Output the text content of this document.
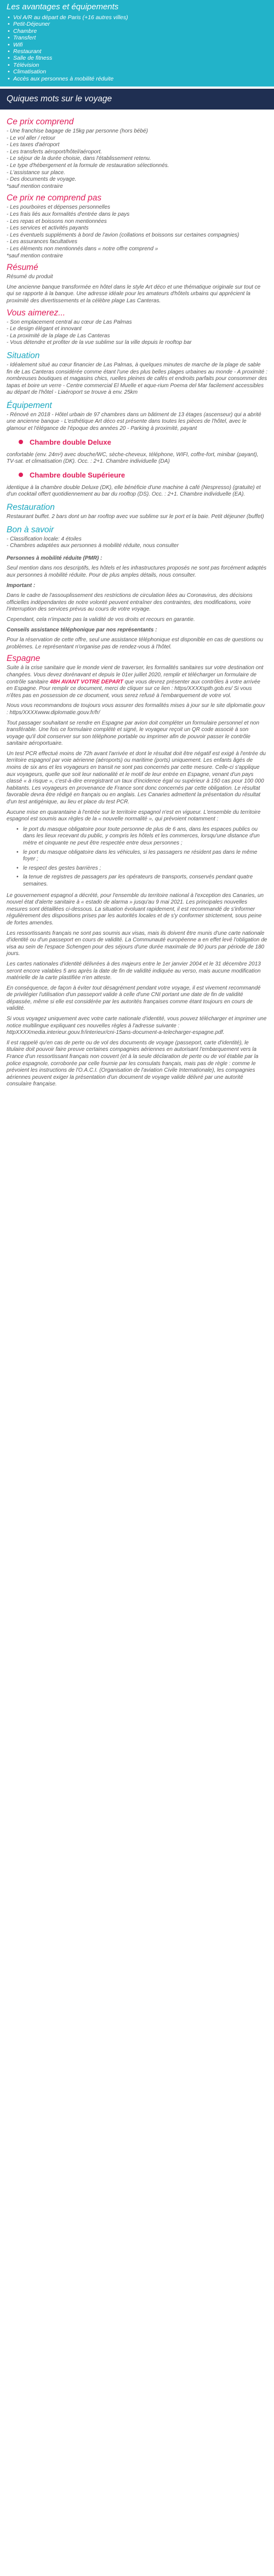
Les avantages et équipements
• Vol A/R au départ de Paris (+16 autres villes)
• Petit-Déjeuner
• Chambre
• Transfert
• Wifi
• Restaurant
• Salle de fitness
• Télévision
• Climatisation
• Accès aux personnes à mobilité réduite
Quiques mots sur le voyage
Ce prix comprend
- Une franchise bagage de 15kg par personne (hors bébé)
- Le vol aller / retour
- Les taxes d'aéroport
- Les transferts aéroport/hôtel/aéroport.
- Le séjour de la durée choisie, dans l'établissement retenu.
- Le type d'hébergement et la formule de restauration sélectionnés.
- L'assistance sur place.
- Des documents de voyage.
*sauf mention contraire
Ce prix ne comprend pas
- Les pourboires et dépenses personnelles
- Les frais liés aux formalités d'entrée dans le pays
- Les repas et boissons non mentionnées
- Les services et activités payants
- Les éventuels suppléments à bord de l'avion (collations et boissons sur certaines compagnies)
- Les assurances facultatives
- Les éléments non mentionnés dans « notre offre comprend »
*sauf mention contraire
Résumé
Résumé du produit
Une ancienne banque transformée en hôtel dans le style Art déco et une thématique originale sur tout ce qui se rapporte à la banque. Une adresse idéale pour les amateurs d'hôtels urbains qui apprécient la proximité des divertissements et la célèbre plage Las Canteras.
Vous aimerez...
- Son emplacement central au cœur de Las Palmas
- Le design élégant et innovant
- La proximité de la plage de Las Canteras
- Vous détendre et profiter de la vue sublime sur la ville depuis le rooftop bar
Situation
- Idéalement situé au cœur financier de Las Palmas, à quelques minutes de marche de la plage de sable fin de Las Canteras considérée comme étant l'une des plus belles plages urbaines au monde - A proximité : nombreuses boutiques et magasins chics, ruelles pleines de cafés et endroits parfaits pour consommer des tapas et boire un verre - Centre commercial El Muelle et aque-rium Poema del Mar facilement accessibles au départ de l'hôtel - Liaéroport se trouve à env. 25km
Équipement
- Rénové en 2018 - Hôtel urbain de 97 chambres dans un bâtiment de 13 étages (ascenseur) qui a abrité une ancienne banque - L'esthétique Art déco est présente dans toutes les pièces de l'hôtel, avec le glamour et l'élégance de l'époque des années 20 - Parking à proximité, payant
Chambre double Deluxe
confortable (env. 24m²) avec douche/WC, sèche-cheveux, téléphone, WIFI, coffre-fort, minibar (payant), TV-sat. et climatisation (DK). Occ. : 2+1. Chambre individuelle (DA)
Chambre double Supérieure
identique à la chambre double Deluxe (DK), elle bénéficie d'une machine à café (Nespresso) (gratuite) et d'un cocktail offert quotidiennement au bar du rooftop (DS). Occ. : 2+1. Chambre individuelle (EA).
Restauration
Restaurant buffet. 2 bars dont un bar rooftop avec vue sublime sur le port et la baie. Petit déjeuner (buffet)
Bon à savoir
- Classification locale: 4 étoiles
- Chambres adaptées aux personnes à mobilité réduite, nous consulter
Personnes à mobilité réduite (PMR) :
Seul mention dans nos descriptifs, les hôtels et les infrastructures proposés ne sont pas forcément adaptés aux personnes à mobilité réduite. Pour de plus amples détails, nous consulter.
Important :
Dans le cadre de l'assouplissement des restrictions de circulation liées au Coronavirus, des décisions officielles indépendantes de notre volonté peuvent entraîner des contraintes, des modifications, voire l'interruption des services prévus au cours de votre voyage.
Cependant, cela n'impacte pas la validité de vos droits et recours en garantie.
Conseils assistance téléphonique par nos représentants :
Pour la réservation de cette offre, seul une assistance téléphonique est disponible en cas de questions ou problèmes. Le représentant n'organise pas de rendez-vous à l'hôtel.
Espagne
Suite à la crise sanitaire que le monde vient de traverser, les formalités sanitaires sur votre destination ont changées. Vous devez dorénavant et depuis le 01er juillet 2020, remplir et télécharger un formulaire de contrôle sanitaire 48H AVANT VOTRE DEPART que vous devrez présenter aux contrôles à votre arrivée en Espagne. Pour remplir ce document, merci de cliquer sur ce lien : https/XXXXspth.gob.es/ Si vous n'êtes pas en possession de ce document, vous serez refusé à l'embarquement de votre vol.
Nous vous recommandons de toujours vous assurer des formalités mises à jour sur le site diplomatie.gouv : https/XXXXwww.diplomatie.gouv.fr/fr/
Tout passager souhaitant se rendre en Espagne par avion doit compléter un formulaire personnel et non transférable. Une fois ce formulaire complété et signé, le voyageur reçoit un QR code associé à son voyage qu'il doit conserver sur son téléphone portable ou imprimer afin de pouvoir passer le contrôle sanitaire aéroportuaire.
Un test PCR effectué moins de 72h avant l'arrivée et dont le résultat doit être négatif est exigé à l'entrée du territoire espagnol par voie aérienne (aéroports) ou maritime (ports) uniquement. Les enfants âgés de moins de six ans et les voyageurs en transit ne sont pas concernés par cette mesure. Celle-ci s'applique aux voyageurs, quelle que soit leur nationalité et le motif de leur entrée en Espagne, venant d'un pays classé « à risque », c'est-à-dire enregistrant un taux d'incidence égal ou supérieur à 150 cas pour 100 000 habitants. Les voyageurs en provenance de France sont donc concernés par cette obligation. Le résultat favorable devra être rédigé en français ou en anglais. Les Canaries admettent la présentation du résultat d'un test antigénique, au lieu et place du test PCR.
Aucune mise en quarantaine à l'entrée sur le territoire espagnol n'est en vigueur. L'ensemble du territoire espagnol est soumis aux règles de la « nouvelle normalité », qui prévoient notamment :
• le port du masque obligatoire pour toute personne de plus de 6 ans, dans les espaces publics ou dans les lieux recevant du public, y compris les hôtels et les commerces, lorsqu'une distance d'un mètre et cinquante ne peut être respectée entre deux personnes ;
• le port du masque obligatoire dans les véhicules, si les passagers ne résident pas dans le même foyer ;
• le respect des gestes barrières ;
• la tenue de registres de passagers par les opérateurs de transports, conservés pendant quatre semaines.
Le gouvernement espagnol a décrété, pour l'ensemble du territoire national à l'exception des Canaries, un nouvel état d'alerte sanitaire à « estado de alarma » jusqu'au 9 mai 2021. Les principales nouvelles mesures sont détaillées ci-dessous. La situation évoluant rapidement, il est recommandé de s'informer régulièrement des dispositions prises par les autorités locales et de s'y conformer strictement, sous peine de fortes amendes.
Les ressortissants français ne sont pas soumis aux visas, mais ils doivent être munis d'une carte nationale d'identité ou d'un passeport en cours de validité. La Communauté européenne a en effet levé l'obligation de visa au sein de l'espace Schengen pour des séjours d'une durée maximale de 90 jours par période de 180 jours.
Les cartes nationales d'identité délivrées à des majeurs entre le 1er janvier 2004 et le 31 décembre 2013 seront encore valables 5 ans après la date de fin de validité indiquée au verso, mais aucune modification matérielle de la carte plastifiée n'en atteste.
En conséquence, de façon à éviter tout désagrément pendant votre voyage, il est vivement recommandé de privilégier l'utilisation d'un passeport valide à celle d'une CNI portant une date de fin de validité dépassée, même si elle est considérée par les autorités françaises comme étant toujours en cours de validité.
Si vous voyagez uniquement avec votre carte nationale d'identité, vous pouvez télécharger et imprimer une notice multilingue expliquant ces nouvelles règles à l'adresse suivante : httpXXXXmedia.interieur.gouv.fr/interieur/cni-15ans-document-a-telecharger-espagne.pdf.
Il est rappelé qu'en cas de perte ou de vol des documents de voyage (passeport, carte d'identité), le titulaire doit pouvoir faire preuve certaines compagnies aériennes en autorisant l'embarquement vers la France d'un ressortissant français non couvert (et à la seule déclaration de perte ou de vol établie par la police espagnole, corroborée par celle fournie par les consulats français, mais pas de règle : comme le prévoient les instructions de l'O.A.C.I. (Organisation de l'aviation Civile Internationale), les compagnies aériennes peuvent exiger la présentation d'un document de voyage valide délivré par une autorité consulaire française.
